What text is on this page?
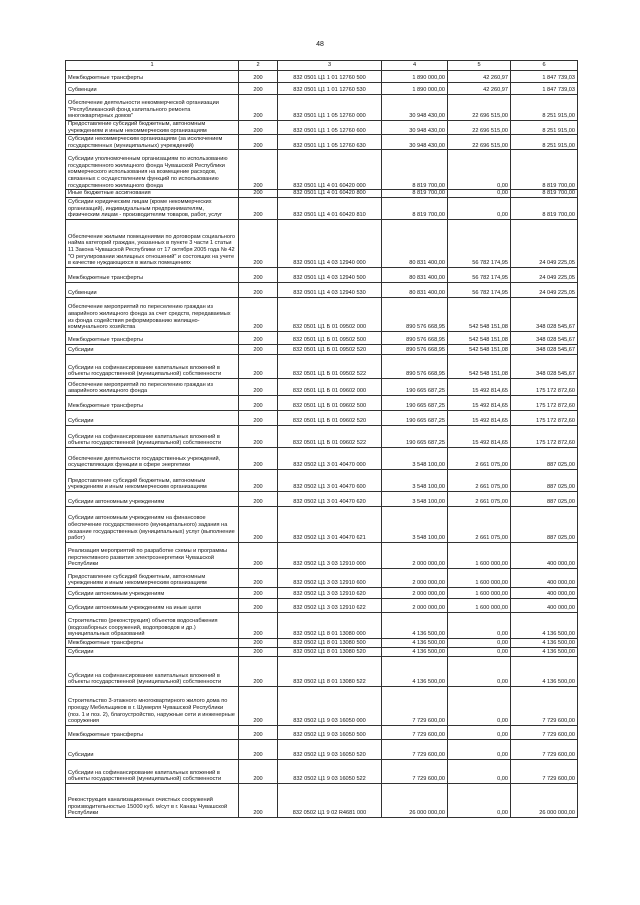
48
1	2	3	4	5	6
Межбюджетные трансферты	200	832 0501 Ц1 1 01 12760 500	1 890 000,00	42 260,97	1 847 739,03
Субвенции	200	832 0501 Ц1 1 01 12760 530	1 890 000,00	42 260,97	1 847 739,03
Обеспечение деятельности некоммерческой организации "Республиканский фонд капитального ремонта многоквартирных домов"	200	832 0501 Ц1 1 05 12760 000	30 948 430,00	22 696 515,00	8 251 915,00
Предоставление субсидий бюджетным, автономным учреждениям и иным некоммерческим организациям	200	832 0501 Ц1 1 05 12760 600	30 948 430,00	22 696 515,00	8 251 915,00
Субсидии некоммерческим организациям (за исключением государственных (муниципальных) учреждений)	200	832 0501 Ц1 1 05 12760 630	30 948 430,00	22 696 515,00	8 251 915,00
Субсидии уполномоченным организациям по использованию государственного жилищного фонда Чувашской Республики коммерческого использования на возмещение расходов, связанных с осуществлением функций по использованию государственного жилищного фонда	200	832 0501 Ц1 4 01 60420 000	8 819 700,00	0,00	8 819 700,00
Иные бюджетные ассигнования	200	832 0501 Ц1 4 01 60420 800	8 819 700,00	0,00	8 819 700,00
Субсидии юридическим лицам (кроме некоммерческих организаций), индивидуальным предпринимателям, физическим лицам - производителям товаров, работ, услуг	200	832 0501 Ц1 4 01 60420 810	8 819 700,00	0,00	8 819 700,00
Обеспечение жилыми помещениями по договорам социального найма категорий граждан, указанных в пункте 3 части 1 статьи 11 Закона Чувашской Республики от 17 октября 2005 года № 42 "О регулировании жилищных отношений" и состоящих на учете в качестве нуждающихся в жилых помещениях	200	832 0501 Ц1 4 03 12940 000	80 831 400,00	56 782 174,95	24 049 225,05
Межбюджетные трансферты	200	832 0501 Ц1 4 03 12940 500	80 831 400,00	56 782 174,95	24 049 225,05
Субвенции	200	832 0501 Ц1 4 03 12940 530	80 831 400,00	56 782 174,95	24 049 225,05
Обеспечение мероприятий по переселению граждан из аварийного жилищного фонда за счет средств, передаваемых из фонда содействия реформированию жилищно-коммунального хозяйства	200	832 0501 Ц1 Б 01 09502 000	890 576 668,95	542 548 151,08	348 028 545,67
Межбюджетные трансферты	200	832 0501 Ц1 Б 01 09502 500	890 576 668,95	542 548 151,08	348 028 545,67
Субсидии	200	832 0501 Ц1 Б 01 09502 520	890 576 668,95	542 548 151,08	348 028 545,67
Субсидии на софинансирование капитальных вложений в объекты государственной (муниципальной) собственности	200	832 0501 Ц1 Б 01 09502 522	890 576 668,95	542 548 151,08	348 028 545,67
Обеспечение мероприятий по переселению граждан из аварийного жилищного фонда	200	832 0501 Ц1 Б 01 09602 000	190 665 687,25	15 492 814,65	175 172 872,60
Межбюджетные трансферты	200	832 0501 Ц1 Б 01 09602 500	190 665 687,25	15 492 814,65	175 172 872,60
Субсидии	200	832 0501 Ц1 Б 01 09602 520	190 665 687,25	15 492 814,65	175 172 872,60
Субсидии на софинансирование капитальных вложений в объекты государственной (муниципальной) собственности	200	832 0501 Ц1 Б 01 09602 522	190 665 687,25	15 492 814,65	175 172 872,60
Обеспечение деятельности государственных учреждений, осуществляющих функции в сфере энергетики	200	832 0502 Ц1 3 01 40470 000	3 548 100,00	2 661 075,00	887 025,00
Предоставление субсидий бюджетным, автономным учреждениям и иным некоммерческим организациям	200	832 0502 Ц1 3 01 40470 600	3 548 100,00	2 661 075,00	887 025,00
Субсидии автономным учреждениям	200	832 0502 Ц1 3 01 40470 620	3 548 100,00	2 661 075,00	887 025,00
Субсидии автономным учреждениям на финансовое обеспечение государственного (муниципального) задания на оказание государственных (муниципальных) услуг (выполнение работ)	200	832 0502 Ц1 3 01 40470 621	3 548 100,00	2 661 075,00	887 025,00
Реализация мероприятий по разработке схемы и программы перспективного развития электроэнергетики Чувашской Республики	200	832 0502 Ц1 3 03 12910 000	2 000 000,00	1 600 000,00	400 000,00
Предоставление субсидий бюджетным, автономным учреждениям и иным некоммерческим организациям	200	832 0502 Ц1 3 03 12910 600	2 000 000,00	1 600 000,00	400 000,00
Субсидии автономным учреждениям	200	832 0502 Ц1 3 03 12910 620	2 000 000,00	1 600 000,00	400 000,00
Субсидии автономным учреждениям на иные цели	200	832 0502 Ц1 3 03 12910 622	2 000 000,00	1 600 000,00	400 000,00
Строительство (реконструкция) объектов водоснабжения (водозаборных сооружений, водопроводов и др.) муниципальных образований	200	832 0502 Ц1 8 01 13080 000	4 136 500,00	0,00	4 136 500,00
Межбюджетные трансферты	200	832 0502 Ц1 8 01 13080 500	4 136 500,00	0,00	4 136 500,00
Субсидии	200	832 0502 Ц1 8 01 13080 520	4 136 500,00	0,00	4 136 500,00
Субсидии на софинансирование капитальных вложений в объекты государственной (муниципальной) собственности	200	832 0502 Ц1 8 01 13080 522	4 136 500,00	0,00	4 136 500,00
Строительство 3-этажного многоквартирного жилого дома по проезду Мебельщиков в г. Шумерля Чувашской Республики (поз. 1 и поз. 2), благоустройство, наружные сети и инженерные сооружения	200	832 0502 Ц1 9 03 16050 000	7 729 600,00	0,00	7 729 600,00
Межбюджетные трансферты	200	832 0502 Ц1 9 03 16050 500	7 729 600,00	0,00	7 729 600,00
Субсидии	200	832 0502 Ц1 9 03 16050 520	7 729 600,00	0,00	7 729 600,00
Субсидии на софинансирование капитальных вложений в объекты государственной (муниципальной) собственности	200	832 0502 Ц1 9 03 16050 522	7 729 600,00	0,00	7 729 600,00
Реконструкция канализационных очистных сооружений производительностью 15000 куб. м/сут в г. Канаш Чувашской Республики	200	832 0502 Ц1 9 02 R4681 000	26 000 000,00	0,00	26 000 000,00
